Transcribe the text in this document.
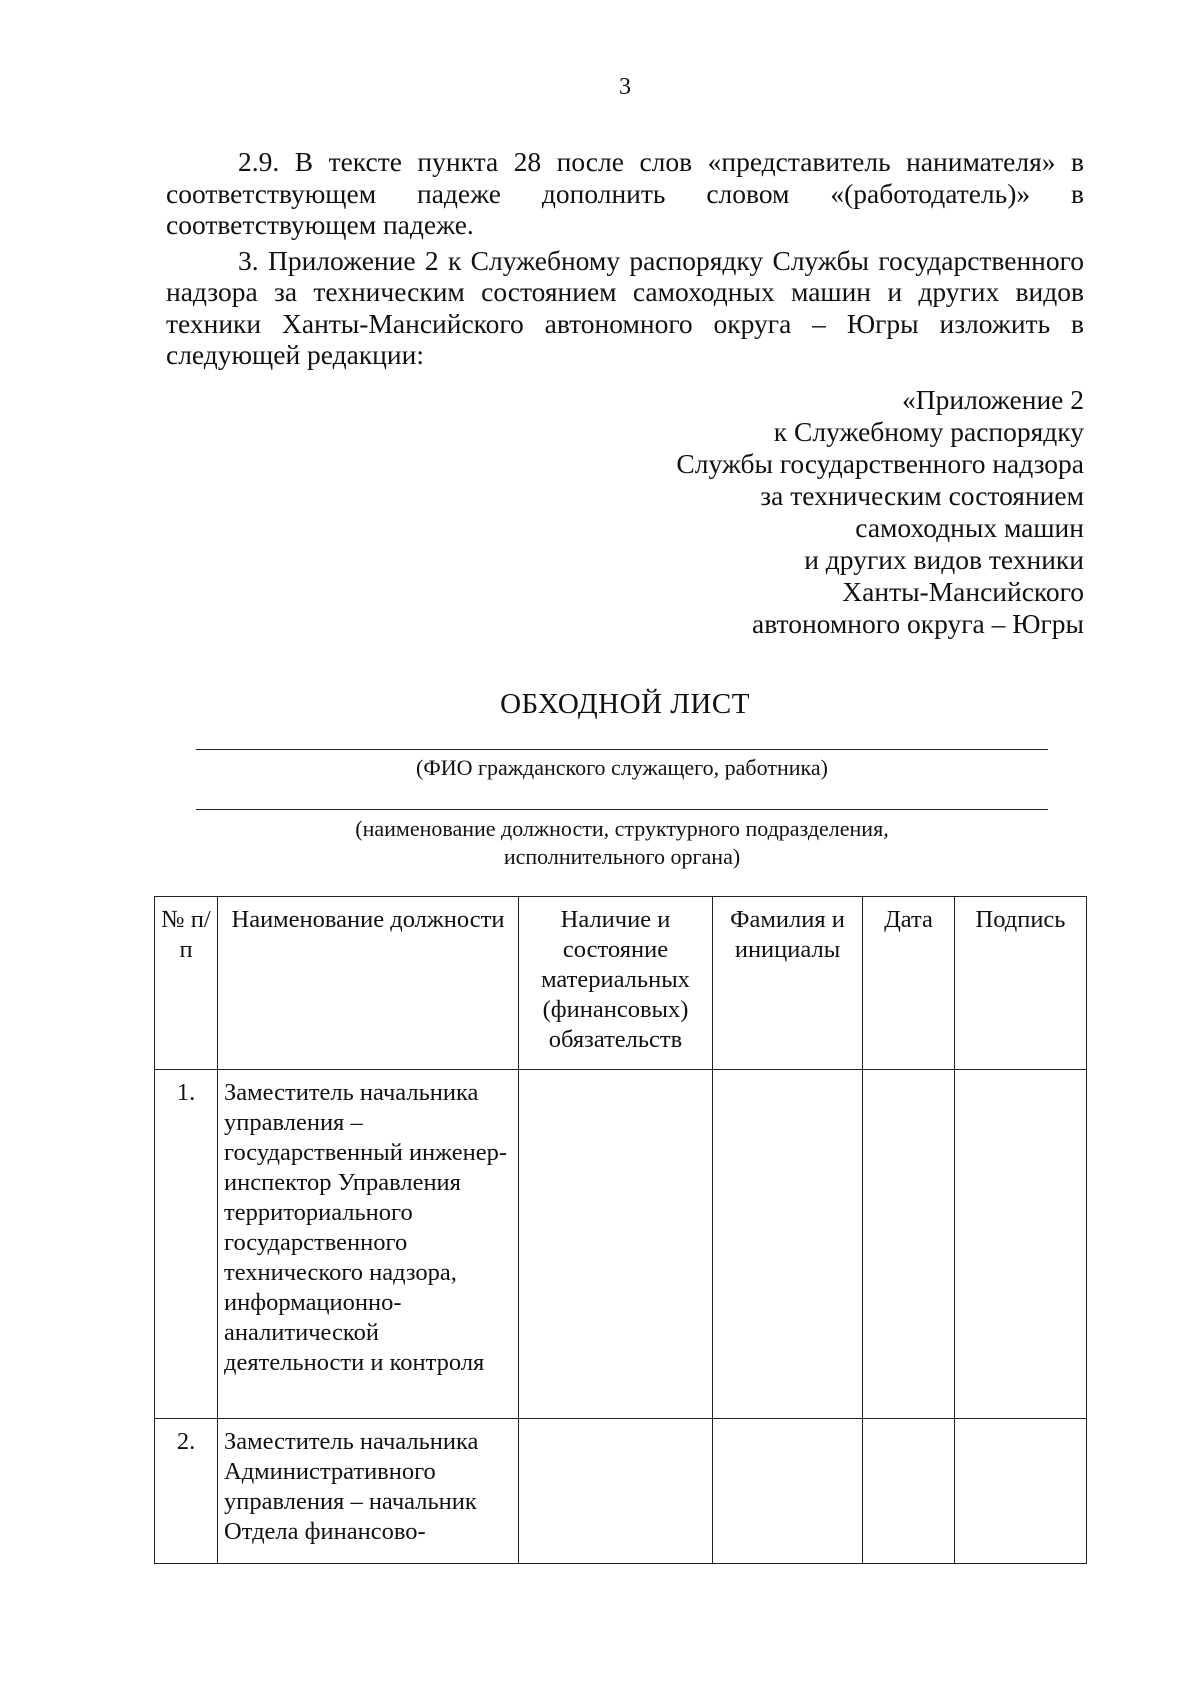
3

2.9. В тексте пункта 28 после слов «представитель нанимателя» в соответствующем падеже дополнить словом «(работодатель)» в соответствующем падеже.

3. Приложение 2 к Служебному распорядку Службы государственного надзора за техническим состоянием самоходных машин и других видов техники Ханты-Мансийского автономного округа – Югры изложить в следующей редакции:

«Приложение 2
к Служебному распорядку
Службы государственного надзора
за техническим состоянием
самоходных машин
и других видов техники
Ханты-Мансийского
автономного округа – Югры
ОБХОДНОЙ ЛИСТ
(ФИО гражданского служащего, работника)
(наименование должности, структурного подразделения,
исполнительного органа)
№ п/п	Наименование должности	Наличие и состояние материальных (финансовых) обязательств	Фамилия и инициалы	Дата	Подпись
1.	Заместитель начальника управления – государственный инженер-инспектор Управления территориального государственного технического надзора, информационно-аналитической деятельности и контроля				
2.	Заместитель начальника Административного управления – начальник Отдела финансово-				
